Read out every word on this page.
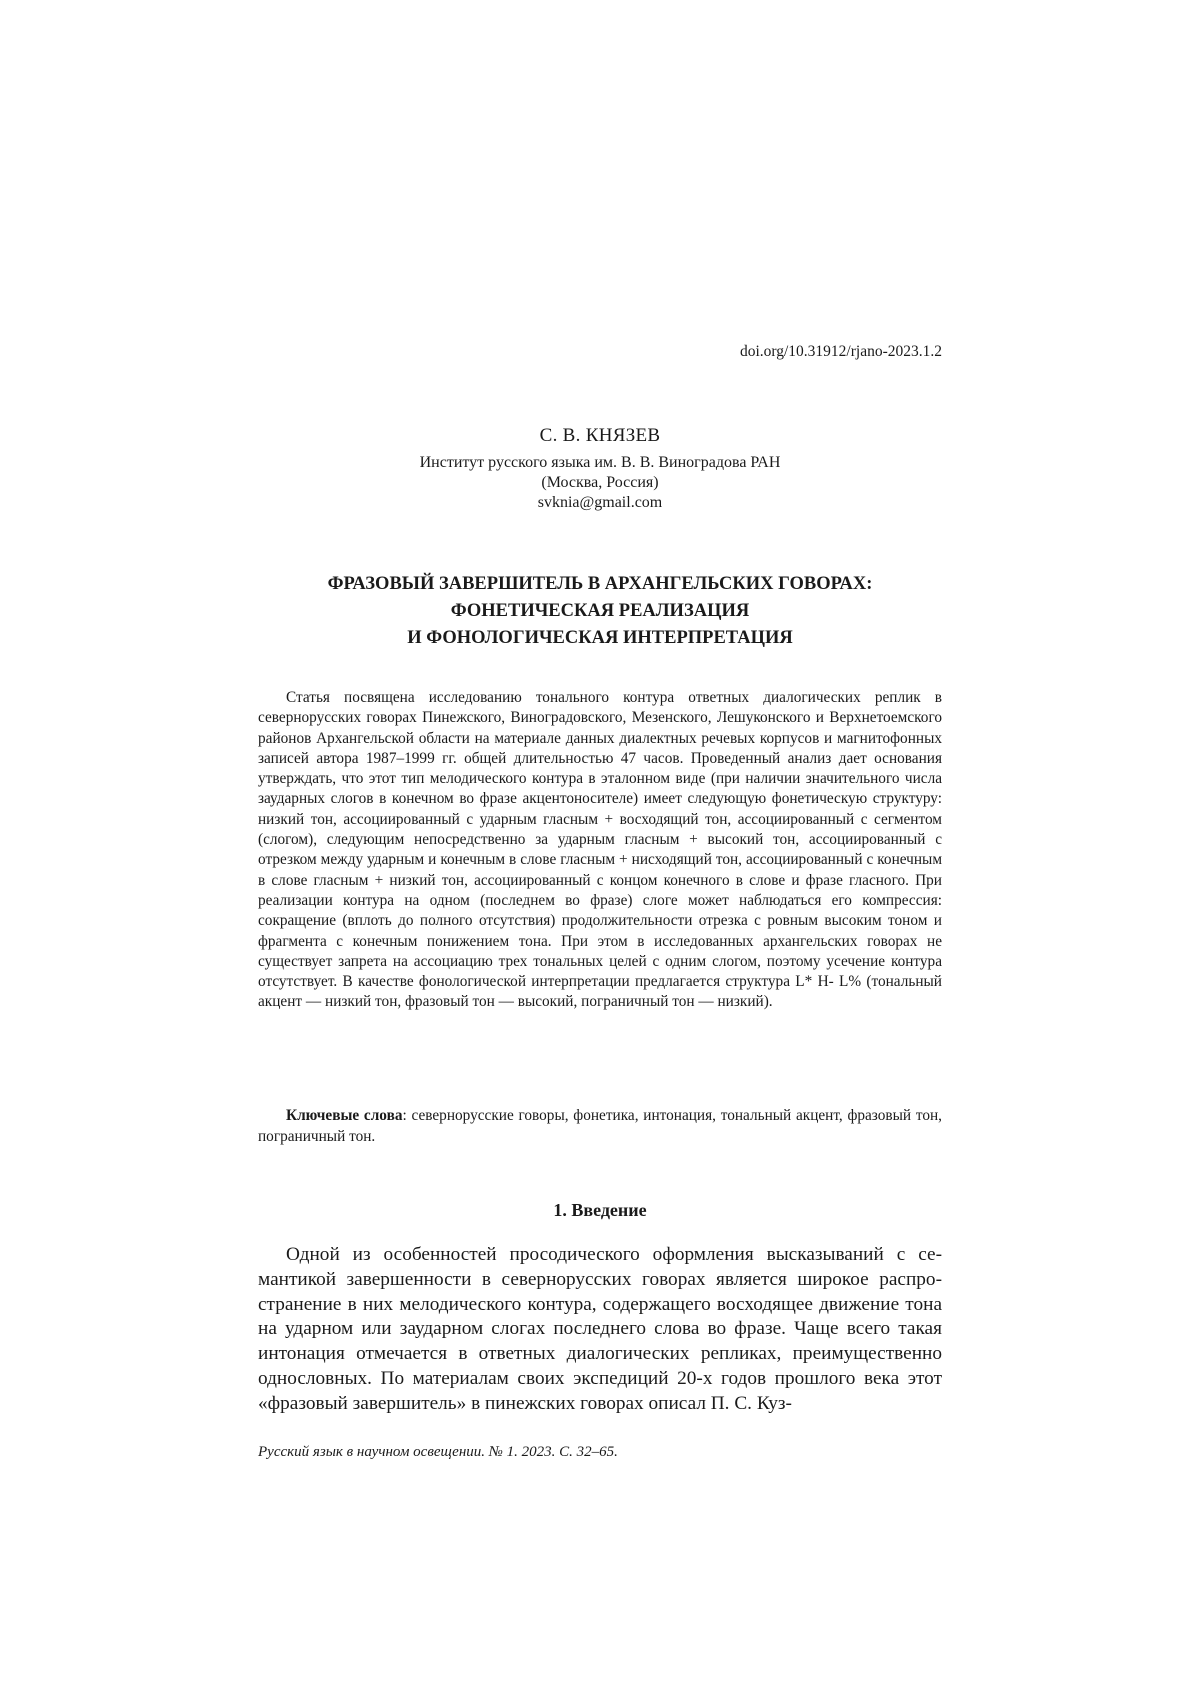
doi.org/10.31912/rjano-2023.1.2
С. В. КНЯЗЕВ
Институт русского языка им. В. В. Виноградова РАН
(Москва, Россия)
svknia@gmail.com
ФРАЗОВЫЙ ЗАВЕРШИТЕЛЬ В АРХАНГЕЛЬСКИХ ГОВОРАХ:
ФОНЕТИЧЕСКАЯ РЕАЛИЗАЦИЯ
И ФОНОЛОГИЧЕСКАЯ ИНТЕРПРЕТАЦИЯ

Статья посвящена исследованию тонального контура ответных диалогических реплик в севернорусских говорах Пинежского, Виноградовского, Мезенского, Лешуконского и Верхнетоемского районов Архангельской области на материале данных диалектных речевых корпусов и магнитофонных записей автора 1987–1999 гг. общей длительностью 47 часов. Проведенный анализ дает основания утверждать, что этот тип мелодического контура в эталонном виде (при наличии значительного числа заударных слогов в конечном во фразе акцентоносителе) имеет следующую фонетическую структуру: низкий тон, ассоциированный с ударным гласным + восходящий тон, ассоциированный с сегментом (слогом), следующим непосредственно за ударным гласным + высокий тон, ассоциированный с отрезком между ударным и конечным в слове гласным + нисходящий тон, ассоциированный с конечным в слове гласным + низкий тон, ассоциированный с концом конечного в слове и фразе гласного. При реализации контура на одном (последнем во фразе) слоге может наблюдаться его компрессия: сокращение (вплоть до полного отсутствия) продолжительности отрезка с ровным высоким тоном и фрагмента с конечным понижением тона. При этом в исследованных архангельских говорах не существует запрета на ассоциацию трех тональных целей с одним слогом, поэтому усечение контура отсутствует. В качестве фонологической интерпретации предлагается структура L* H- L% (тональный акцент — низкий тон, фразовый тон — высокий, пограничный тон — низкий).

Ключевые слова: севернорусские говоры, фонетика, интонация, тональный акцент, фразовый тон, пограничный тон.

1. Введение

Одной из особенностей просодического оформления высказываний с семантикой завершенности в севернорусских говорах является широкое распространение в них мелодического контура, содержащего восходящее движение тона на ударном или заударном слогах последнего слова во фразе. Чаще всего такая интонация отмечается в ответных диалогических репликах, преимущественно однословных. По материалам своих экспедиций 20-х годов прошлого века этот «фразовый завершитель» в пинежских говорах описал П. С. Куз-

Русский язык в научном освещении. № 1. 2023. С. 32–65.
